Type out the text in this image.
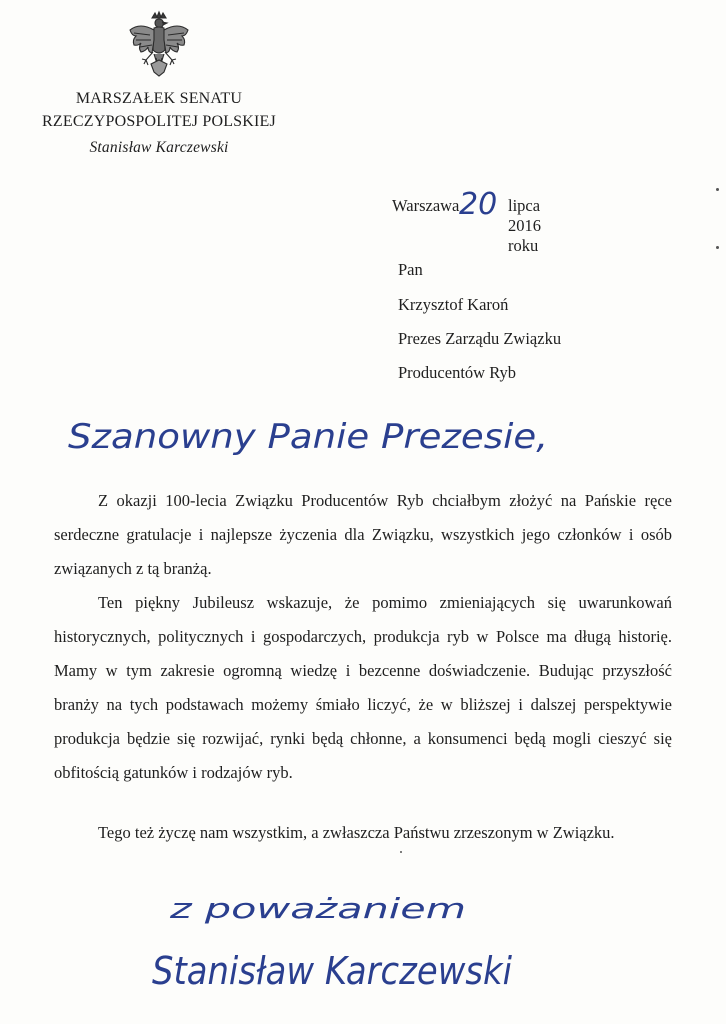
MARSZAŁEK SENATU
RZECZYPOSPOLITEJ POLSKIEJ
Stanisław Karczewski
Warszawa	lipca 2016 roku
20
Pan
Krzysztof Karoń
Prezes Zarządu Związku
Producentów Ryb
Szanowny Panie Prezesie,
Z okazji 100-lecia Związku Producentów Ryb chciałbym złożyć na Pańskie ręce serdeczne gratulacje i najlepsze życzenia dla Związku, wszystkich jego członków i osób związanych z tą branżą.
Ten piękny Jubileusz wskazuje, że pomimo zmieniających się uwarunkowań historycznych, politycznych i gospodarczych, produkcja ryb w Polsce ma długą historię. Mamy w tym zakresie ogromną wiedzę i bezcenne doświadczenie. Budując przyszłość branży na tych podstawach możemy śmiało liczyć, że w bliższej i dalszej perspektywie produkcja będzie się rozwijać, rynki będą chłonne, a konsumenci będą mogli cieszyć się obfitością gatunków i rodzajów ryb.
Tego też życzę nam wszystkim, a zwłaszcza Państwu zrzeszonym w Związku.
z poważaniem
Stanisław Karczewski
